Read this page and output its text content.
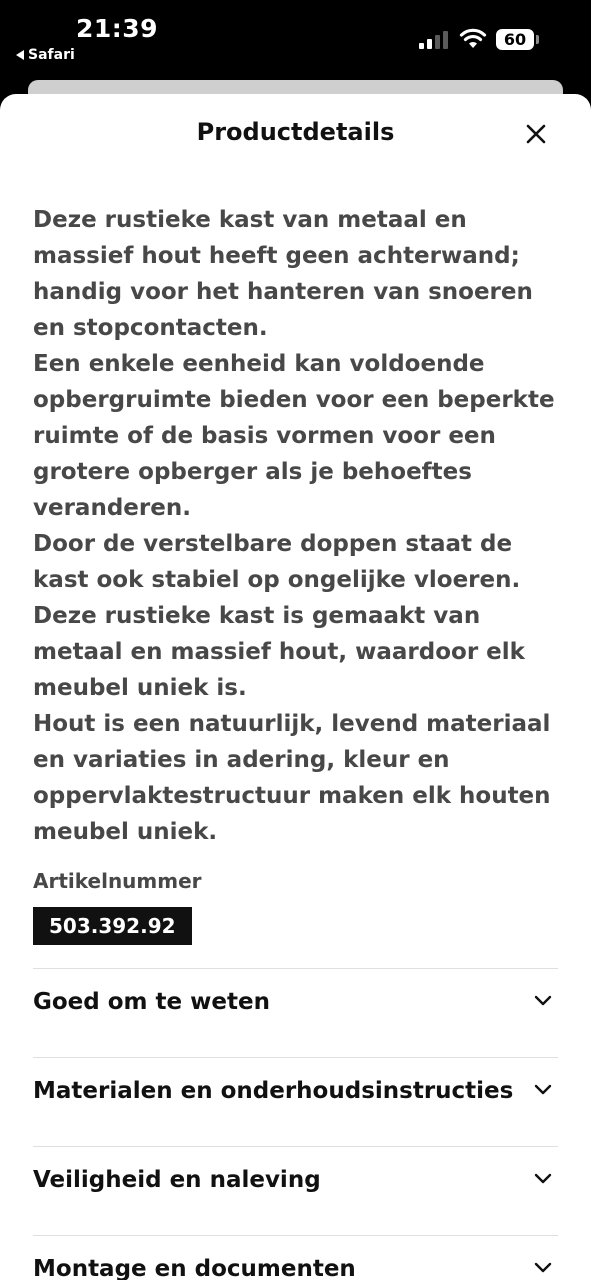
21:39
Safari
60
Productdetails

Deze rustieke kast van metaal en massief hout heeft geen achterwand; handig voor het hanteren van snoeren en stopcontacten.

Een enkele eenheid kan voldoende opbergruimte bieden voor een beperkte ruimte of de basis vormen voor een grotere opberger als je behoeftes veranderen.

Door de verstelbare doppen staat de kast ook stabiel op ongelijke vloeren.

Deze rustieke kast is gemaakt van metaal en massief hout, waardoor elk meubel uniek is.

Hout is een natuurlijk, levend materiaal en variaties in adering, kleur en oppervlaktestructuur maken elk houten meubel uniek.

Artikelnummer
503.392.92
Goed om te weten
Materialen en onderhoudsinstructies
Veiligheid en naleving
Montage en documenten
